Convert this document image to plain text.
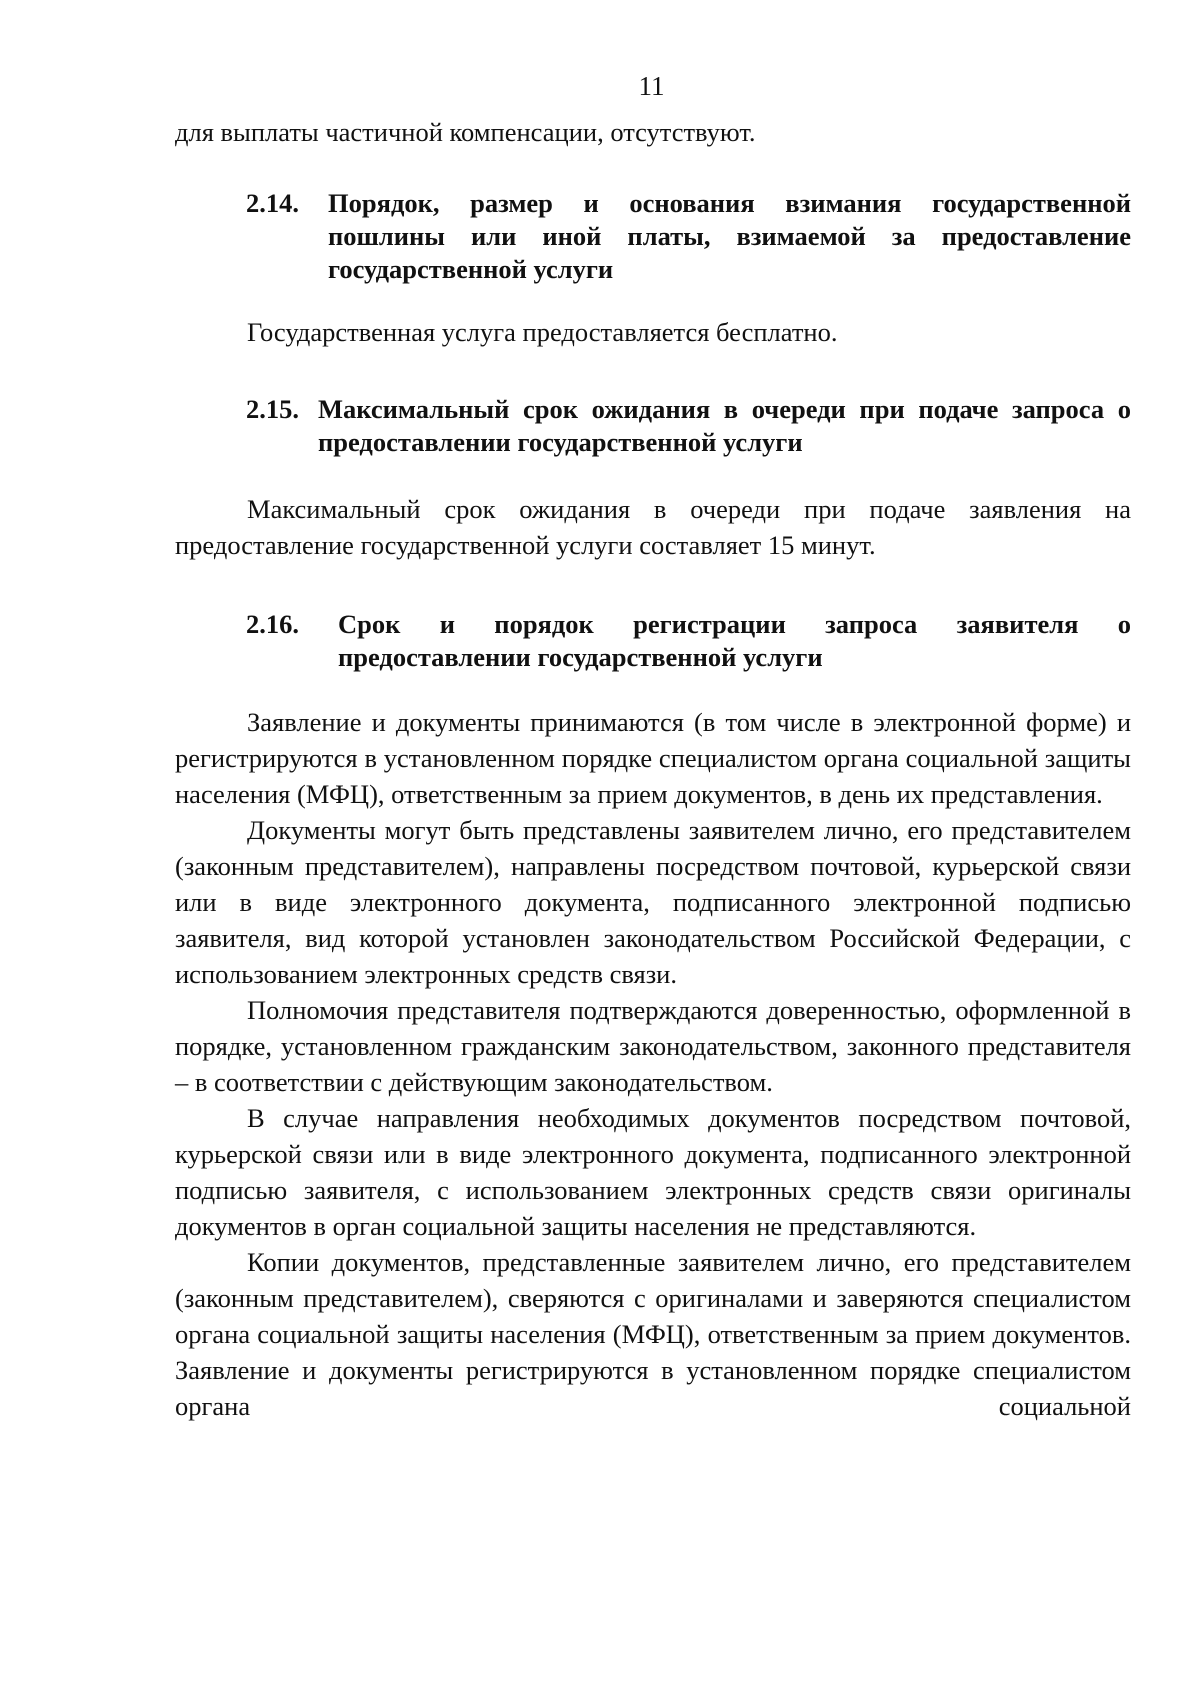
11

для выплаты частичной компенсации, отсутствуют.

2.14.	Порядок, размер и основания взимания государственной пошлины или иной платы, взимаемой за предоставление государственной услуги

Государственная услуга предоставляется бесплатно.

2.15. Максимальный срок ожидания в очереди при подаче запроса о предоставлении государственной услуги

Максимальный срок ожидания в очереди при подаче заявления на предоставление государственной услуги составляет 15 минут.

2.16.	Срок и порядок регистрации запроса заявителя о предоставлении государственной услуги

Заявление и документы принимаются (в том числе в электронной форме) и регистрируются в установленном порядке специалистом органа социальной защиты населения (МФЦ), ответственным за прием документов, в день их представления.

Документы могут быть представлены заявителем лично, его представителем (законным представителем), направлены посредством почтовой, курьерской связи или в виде электронного документа, подписанного электронной подписью заявителя, вид которой установлен законодательством Российской Федерации, с использованием электронных средств связи.

Полномочия представителя подтверждаются доверенностью, оформленной в порядке, установленном гражданским законодательством, законного представителя – в соответствии с действующим законодательством.

В случае направления необходимых документов посредством почтовой, курьерской связи или в виде электронного документа, подписанного электронной подписью заявителя, с использованием электронных средств связи оригиналы документов в орган социальной защиты населения не представляются.

Копии документов, представленные заявителем лично, его представителем (законным представителем), сверяются с оригиналами и заверяются специалистом органа социальной защиты населения (МФЦ), ответственным за прием документов. Заявление и документы регистрируются в установленном порядке специалистом органа социальной
